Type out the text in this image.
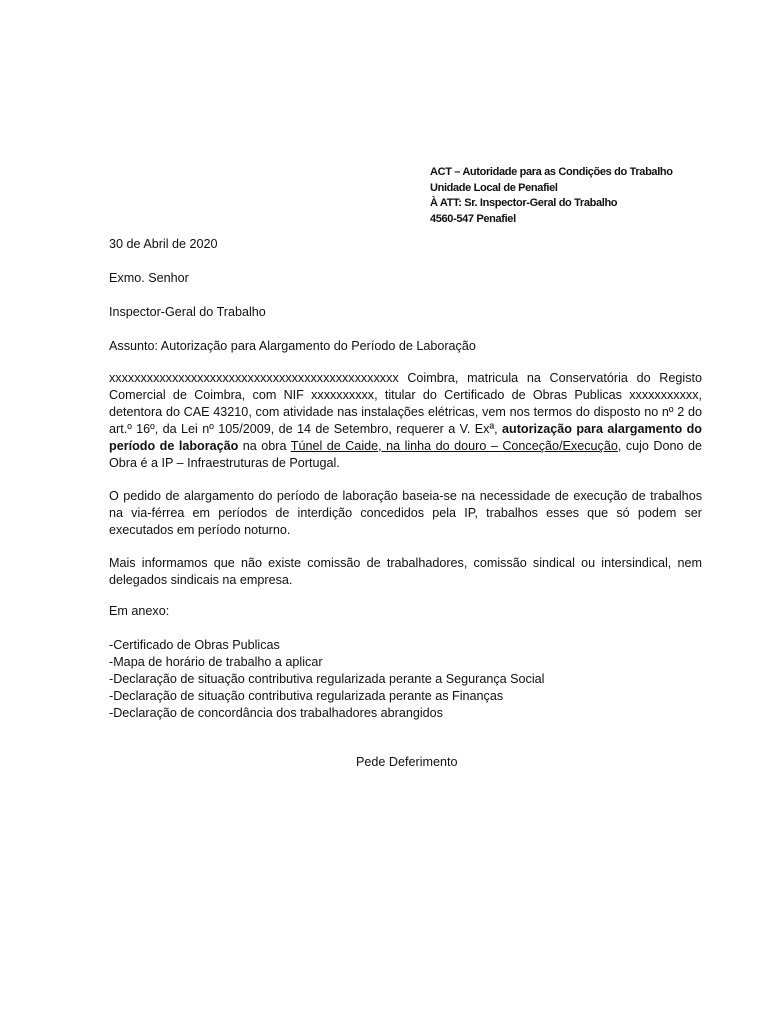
ACT – Autoridade para as Condições do Trabalho
Unidade Local de Penafiel
À ATT: Sr. Inspector-Geral do Trabalho
4560-547 Penafiel
30 de Abril de 2020
Exmo. Senhor
Inspector-Geral do Trabalho
Assunto: Autorização para Alargamento do Período de Laboração
xxxxxxxxxxxxxxxxxxxxxxxxxxxxxxxxxxxxxxxxxxxxxx Coimbra, matricula na Conservatória do Registo Comercial de Coimbra, com NIF xxxxxxxxxx, titular do Certificado de Obras Publicas xxxxxxxxxxx, detentora do CAE 43210, com atividade nas instalações elétricas, vem nos termos do disposto no nº 2 do art.º 16º, da Lei nº 105/2009, de 14 de Setembro, requerer a V. Exª, autorização para alargamento do período de laboração na obra Túnel de Caide, na linha do douro – Conceção/Execução, cujo Dono de Obra é a IP – Infraestruturas de Portugal.
O pedido de alargamento do período de laboração baseia-se na necessidade de execução de trabalhos na via-férrea em períodos de interdição concedidos pela IP, trabalhos esses que só podem ser executados em período noturno.
Mais informamos que não existe comissão de trabalhadores, comissão sindical ou intersindical, nem delegados sindicais na empresa.
Em anexo:
-Certificado de Obras Publicas
-Mapa de horário de trabalho a aplicar
-Declaração de situação contributiva regularizada perante a Segurança Social
-Declaração de situação contributiva regularizada perante as Finanças
-Declaração de concordância dos trabalhadores abrangidos
Pede Deferimento
